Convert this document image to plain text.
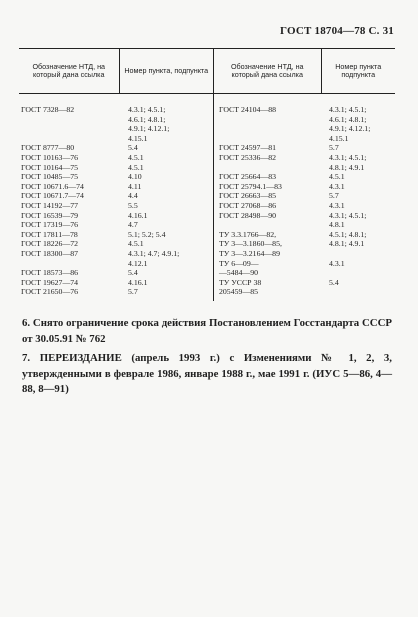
ГОСТ 18704—78 С. 31
Обозначение НТД, на который дана ссылка	Номер пункта, подпункта	Обозначение НТД, на который дана ссылка	Номер пункта подпункта

ГОСТ 7328—82	4.3.1; 4.5.1;	ГОСТ 24104—88	4.3.1; 4.5.1;
	4.6.1; 4.8.1;		4.6.1; 4.8.1;
	4.9.1; 4.12.1;		4.9.1; 4.12.1;
	4.15.1		4.15.1
ГОСТ 8777—80	5.4	ГОСТ 24597—81	5.7
ГОСТ 10163—76	4.5.1	ГОСТ 25336—82	4.3.1; 4.5.1;
ГОСТ 10164—75	4.5.1		4.8.1; 4.9.1
ГОСТ 10485—75	4.10	ГОСТ 25664—83	4.5.1
ГОСТ 10671.6—74	4.11	ГОСТ 25794.1—83	4.3.1
ГОСТ 10671.7—74	4.4	ГОСТ 26663—85	5.7
ГОСТ 14192—77	5.5	ГОСТ 27068—86	4.3.1
ГОСТ 16539—79	4.16.1	ГОСТ 28498—90	4.3.1; 4.5.1;
ГОСТ 17319—76	4.7		4.8.1
ГОСТ 17811—78	5.1; 5.2; 5.4	ТУ 3.3.1766—82,	4.5.1; 4.8.1;
ГОСТ 18226—72	4.5.1	ТУ 3—3.1860—85,	4.8.1; 4.9.1
ГОСТ 18300—87	4.3.1; 4.7; 4.9.1;	ТУ 3—3.2164—89	
	4.12.1	ТУ 6—09—	4.3.1
ГОСТ 18573—86	5.4	—5484—90	
ГОСТ 19627—74	4.16.1	ТУ УССР 38	5.4
ГОСТ 21650—76	5.7	205459—85	

6. Снято ограничение срока действия Постановлением Госстандарта СССР от 30.05.91 № 762
7. ПЕРЕИЗДАНИЕ (апрель 1993 г.) с Изменениями № 1, 2, 3, утвержденными в феврале 1986, январе 1988 г., мае 1991 г. (ИУС 5—86, 4—88, 8—91)
